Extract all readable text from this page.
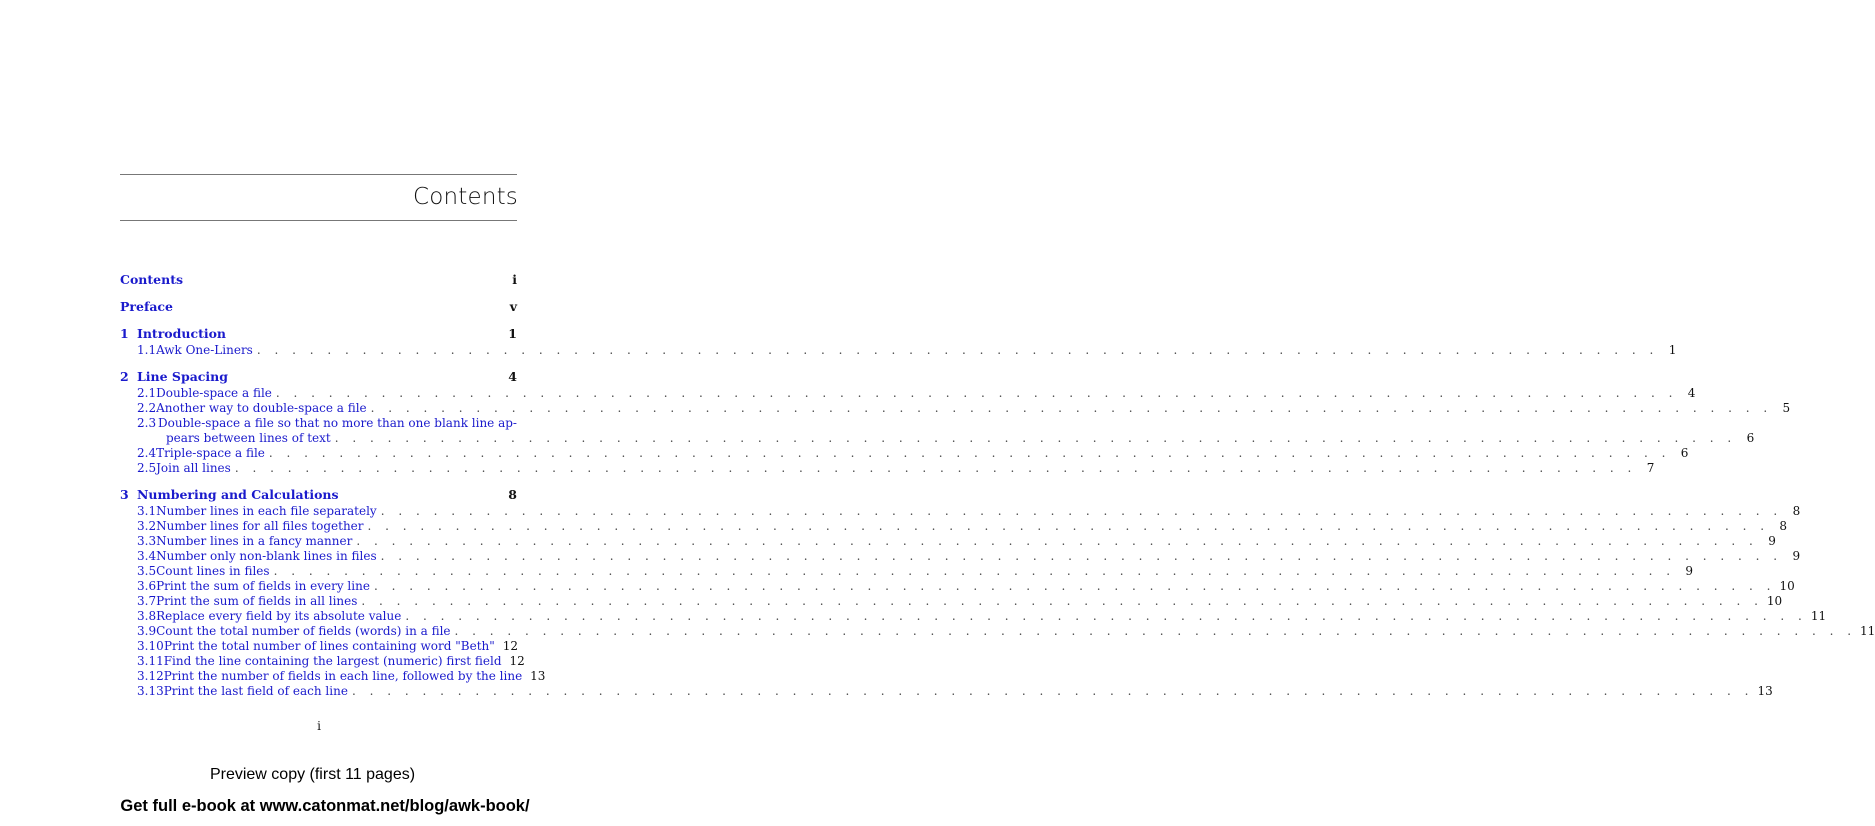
Contents
Contents	i
Preface	v
1 Introduction	1
1.1 Awk One-Liners . . . . . . . . . . . . . . . . . . . . . . . . . . . . . . . . . . . . . . . . . . . . . . . . . . . . . . . . . . . . . . . . . . . . . . . . . . . . . . . . 1
2 Line Spacing	4
2.1 Double-space a file . . . . . . . . . . . . . . . . . . . . . . . . . . . . . . . . . . . . . . . . . . . . . . . . . . . . . . . . . . . . . . . . . . . . . . . . . . . . . . . . 4
2.2 Another way to double-space a file . . . . . . . . . . . . . . . . . . . . . . . . . . . . . . . . . . . . . . . . . . . . . . . . . . . . . . . . . . . . . . . . . . . . . . . . . . . . . . . . 5
2.3 Double-space a file so that no more than one blank line ap-
pears between lines of text . . . . . . . . . . . . . . . . . . . . . . . . . . . . . . . . . . . . . . . . . . . . . . . . . . . . . . . . . . . . . . . . . . . . . . . . . . . . . . . . 6
2.4 Triple-space a file . . . . . . . . . . . . . . . . . . . . . . . . . . . . . . . . . . . . . . . . . . . . . . . . . . . . . . . . . . . . . . . . . . . . . . . . . . . . . . . . 6
2.5 Join all lines . . . . . . . . . . . . . . . . . . . . . . . . . . . . . . . . . . . . . . . . . . . . . . . . . . . . . . . . . . . . . . . . . . . . . . . . . . . . . . . . 7
3 Numbering and Calculations	8
3.1 Number lines in each file separately . . . . . . . . . . . . . . . . . . . . . . . . . . . . . . . . . . . . . . . . . . . . . . . . . . . . . . . . . . . . . . . . . . . . . . . . . . . . . . . . 8
3.2 Number lines for all files together . . . . . . . . . . . . . . . . . . . . . . . . . . . . . . . . . . . . . . . . . . . . . . . . . . . . . . . . . . . . . . . . . . . . . . . . . . . . . . . . 8
3.3 Number lines in a fancy manner . . . . . . . . . . . . . . . . . . . . . . . . . . . . . . . . . . . . . . . . . . . . . . . . . . . . . . . . . . . . . . . . . . . . . . . . . . . . . . . . 9
3.4 Number only non-blank lines in files . . . . . . . . . . . . . . . . . . . . . . . . . . . . . . . . . . . . . . . . . . . . . . . . . . . . . . . . . . . . . . . . . . . . . . . . . . . . . . . . 9
3.5 Count lines in files . . . . . . . . . . . . . . . . . . . . . . . . . . . . . . . . . . . . . . . . . . . . . . . . . . . . . . . . . . . . . . . . . . . . . . . . . . . . . . . . 9
3.6 Print the sum of fields in every line . . . . . . . . . . . . . . . . . . . . . . . . . . . . . . . . . . . . . . . . . . . . . . . . . . . . . . . . . . . . . . . . . . . . . . . . . . . . . . . . 10
3.7 Print the sum of fields in all lines . . . . . . . . . . . . . . . . . . . . . . . . . . . . . . . . . . . . . . . . . . . . . . . . . . . . . . . . . . . . . . . . . . . . . . . . . . . . . . . . 10
3.8 Replace every field by its absolute value . . . . . . . . . . . . . . . . . . . . . . . . . . . . . . . . . . . . . . . . . . . . . . . . . . . . . . . . . . . . . . . . . . . . . . . . . . . . . . . . 11
3.9 Count the total number of fields (words) in a file . . . . . . . . . . . . . . . . . . . . . . . . . . . . . . . . . . . . . . . . . . . . . . . . . . . . . . . . . . . . . . . . . . . . . . . . . . . . . . . . 11
3.10 Print the total number of lines containing word "Beth" 12
3.11 Find the line containing the largest (numeric) first field 12
3.12 Print the number of fields in each line, followed by the line 13
3.13 Print the last field of each line . . . . . . . . . . . . . . . . . . . . . . . . . . . . . . . . . . . . . . . . . . . . . . . . . . . . . . . . . . . . . . . . . . . . . . . . . . . . . . . . 13
i
Preview copy (first 11 pages)
Get full e-book at www.catonmat.net/blog/awk-book/
